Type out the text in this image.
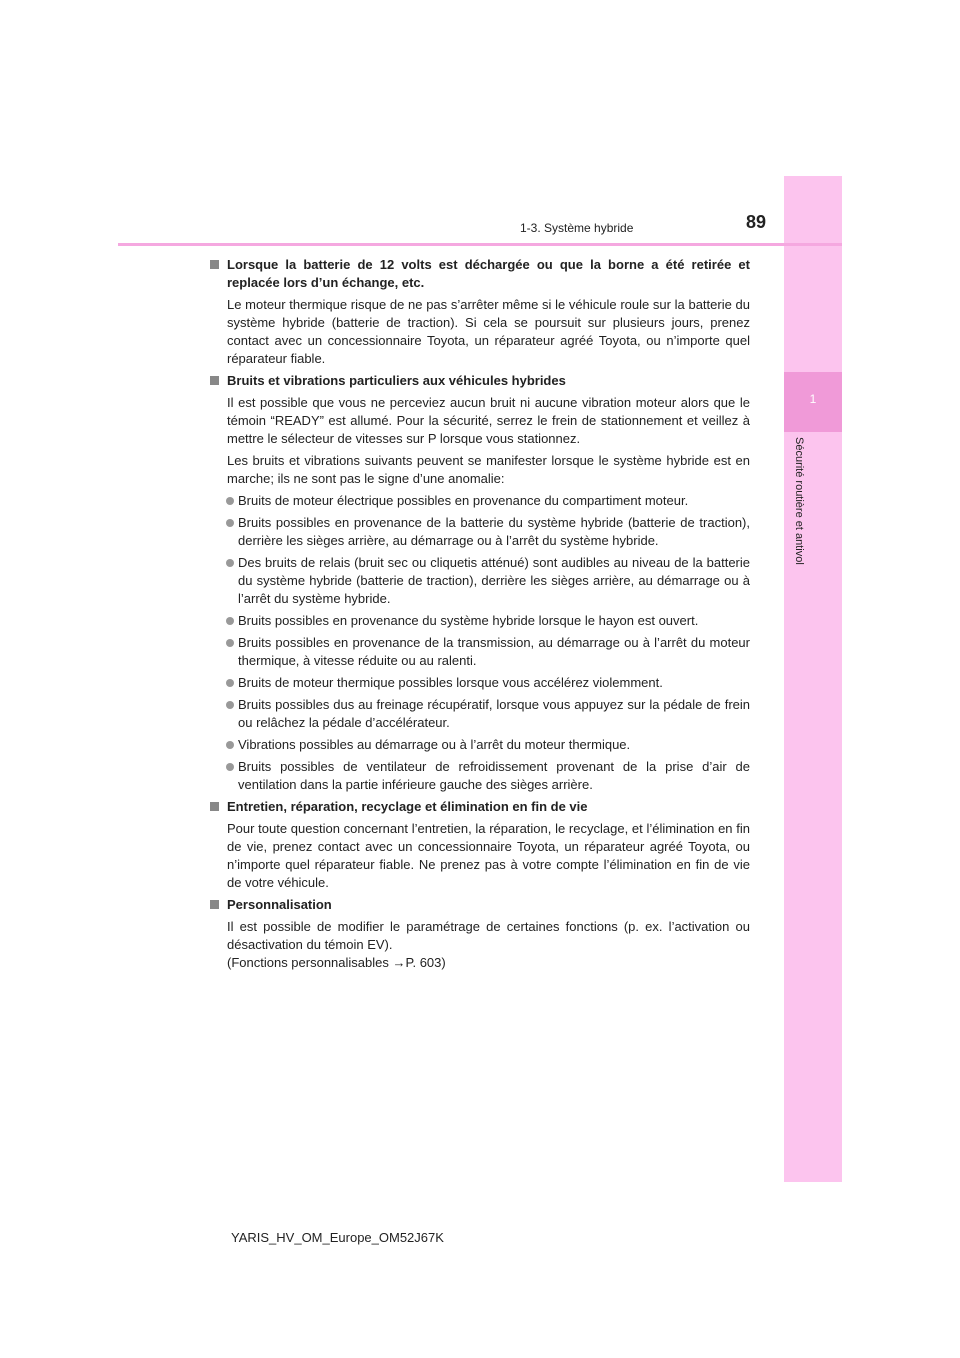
1
Sécurité routière et antivol
1-3. Système hybride	89
Lorsque la batterie de 12 volts est déchargée ou que la borne a été retirée et replacée lors d’un échange, etc.
Le moteur thermique risque de ne pas s’arrêter même si le véhicule roule sur la batterie du système hybride (batterie de traction). Si cela se poursuit sur plusieurs jours, prenez contact avec un concessionnaire Toyota, un réparateur agréé Toyota, ou n’importe quel réparateur fiable.
Bruits et vibrations particuliers aux véhicules hybrides
Il est possible que vous ne perceviez aucun bruit ni aucune vibration moteur alors que le témoin “READY” est allumé. Pour la sécurité, serrez le frein de stationnement et veillez à mettre le sélecteur de vitesses sur P lorsque vous stationnez.
Les bruits et vibrations suivants peuvent se manifester lorsque le système hybride est en marche; ils ne sont pas le signe d’une anomalie:
Bruits de moteur électrique possibles en provenance du compartiment moteur.
Bruits possibles en provenance de la batterie du système hybride (batterie de traction), derrière les sièges arrière, au démarrage ou à l’arrêt du système hybride.
Des bruits de relais (bruit sec ou cliquetis atténué) sont audibles au niveau de la batterie du système hybride (batterie de traction), derrière les sièges arrière, au démarrage ou à l’arrêt du système hybride.
Bruits possibles en provenance du système hybride lorsque le hayon est ouvert.
Bruits possibles en provenance de la transmission, au démarrage ou à l’arrêt du moteur thermique, à vitesse réduite ou au ralenti.
Bruits de moteur thermique possibles lorsque vous accélérez violemment.
Bruits possibles dus au freinage récupératif, lorsque vous appuyez sur la pédale de frein ou relâchez la pédale d’accélérateur.
Vibrations possibles au démarrage ou à l’arrêt du moteur thermique.
Bruits possibles de ventilateur de refroidissement provenant de la prise d’air de ventilation dans la partie inférieure gauche des sièges arrière.
Entretien, réparation, recyclage et élimination en fin de vie
Pour toute question concernant l’entretien, la réparation, le recyclage, et l’élimination en fin de vie, prenez contact avec un concessionnaire Toyota, un réparateur agréé Toyota, ou n’importe quel réparateur fiable. Ne prenez pas à votre compte l’élimination en fin de vie de votre véhicule.
Personnalisation
Il est possible de modifier le paramétrage de certaines fonctions (p. ex. l’activation ou désactivation du témoin EV).
(Fonctions personnalisables →P. 603)
YARIS_HV_OM_Europe_OM52J67K
